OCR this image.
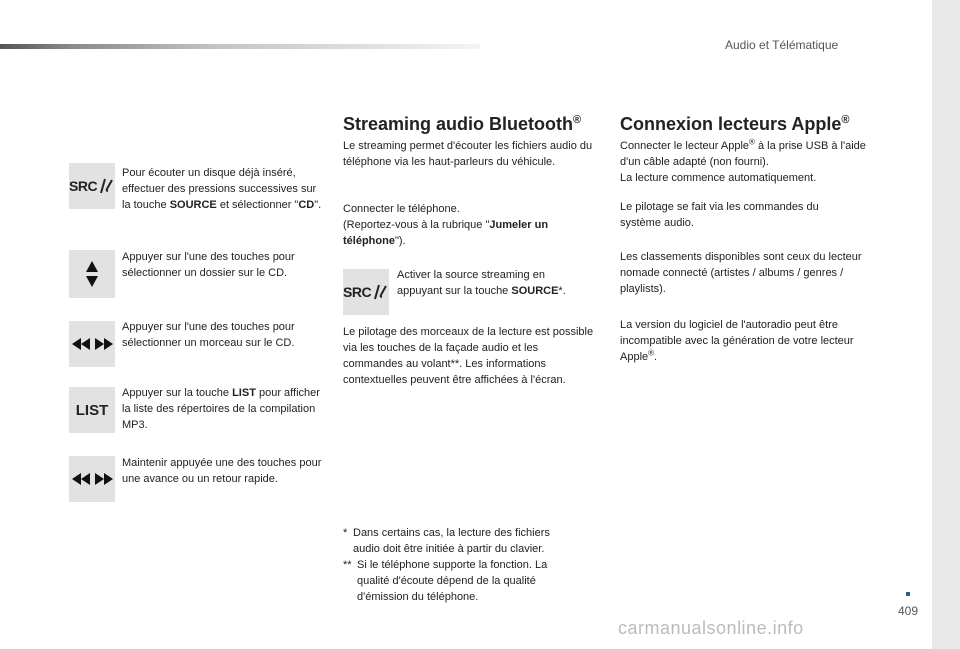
Audio et Télématique
409
carmanualsonline.info
SRC
Pour écouter un disque déjà inséré, effectuer des pressions successives sur la touche SOURCE et sélectionner "CD".
Appuyer sur l'une des touches pour sélectionner un dossier sur le CD.
Appuyer sur l'une des touches pour sélectionner un morceau sur le CD.
LIST
Appuyer sur la touche LIST pour afficher la liste des répertoires de la compilation MP3.
Maintenir appuyée une des touches pour une avance ou un retour rapide.
Streaming audio Bluetooth®
Le streaming permet d'écouter les fichiers audio du téléphone via les haut-parleurs du véhicule.
Connecter le téléphone.
(Reportez-vous à la rubrique "Jumeler un téléphone").
SRC
Activer la source streaming en appuyant sur la touche SOURCE*.
Le pilotage des morceaux de la lecture est possible via les touches de la façade audio et les commandes au volant**. Les informations contextuelles peuvent être affichées à l'écran.
* Dans certains cas, la lecture des fichiers audio doit être initiée à partir du clavier.
** Si le téléphone supporte la fonction. La qualité d'écoute dépend de la qualité d'émission du téléphone.
Connexion lecteurs Apple®
Connecter le lecteur Apple® à la prise USB à l'aide d'un câble adapté (non fourni).
La lecture commence automatiquement.
Le pilotage se fait via les commandes du système audio.
Les classements disponibles sont ceux du lecteur nomade connecté (artistes / albums / genres / playlists).
La version du logiciel de l'autoradio peut être incompatible avec la génération de votre lecteur Apple®.
